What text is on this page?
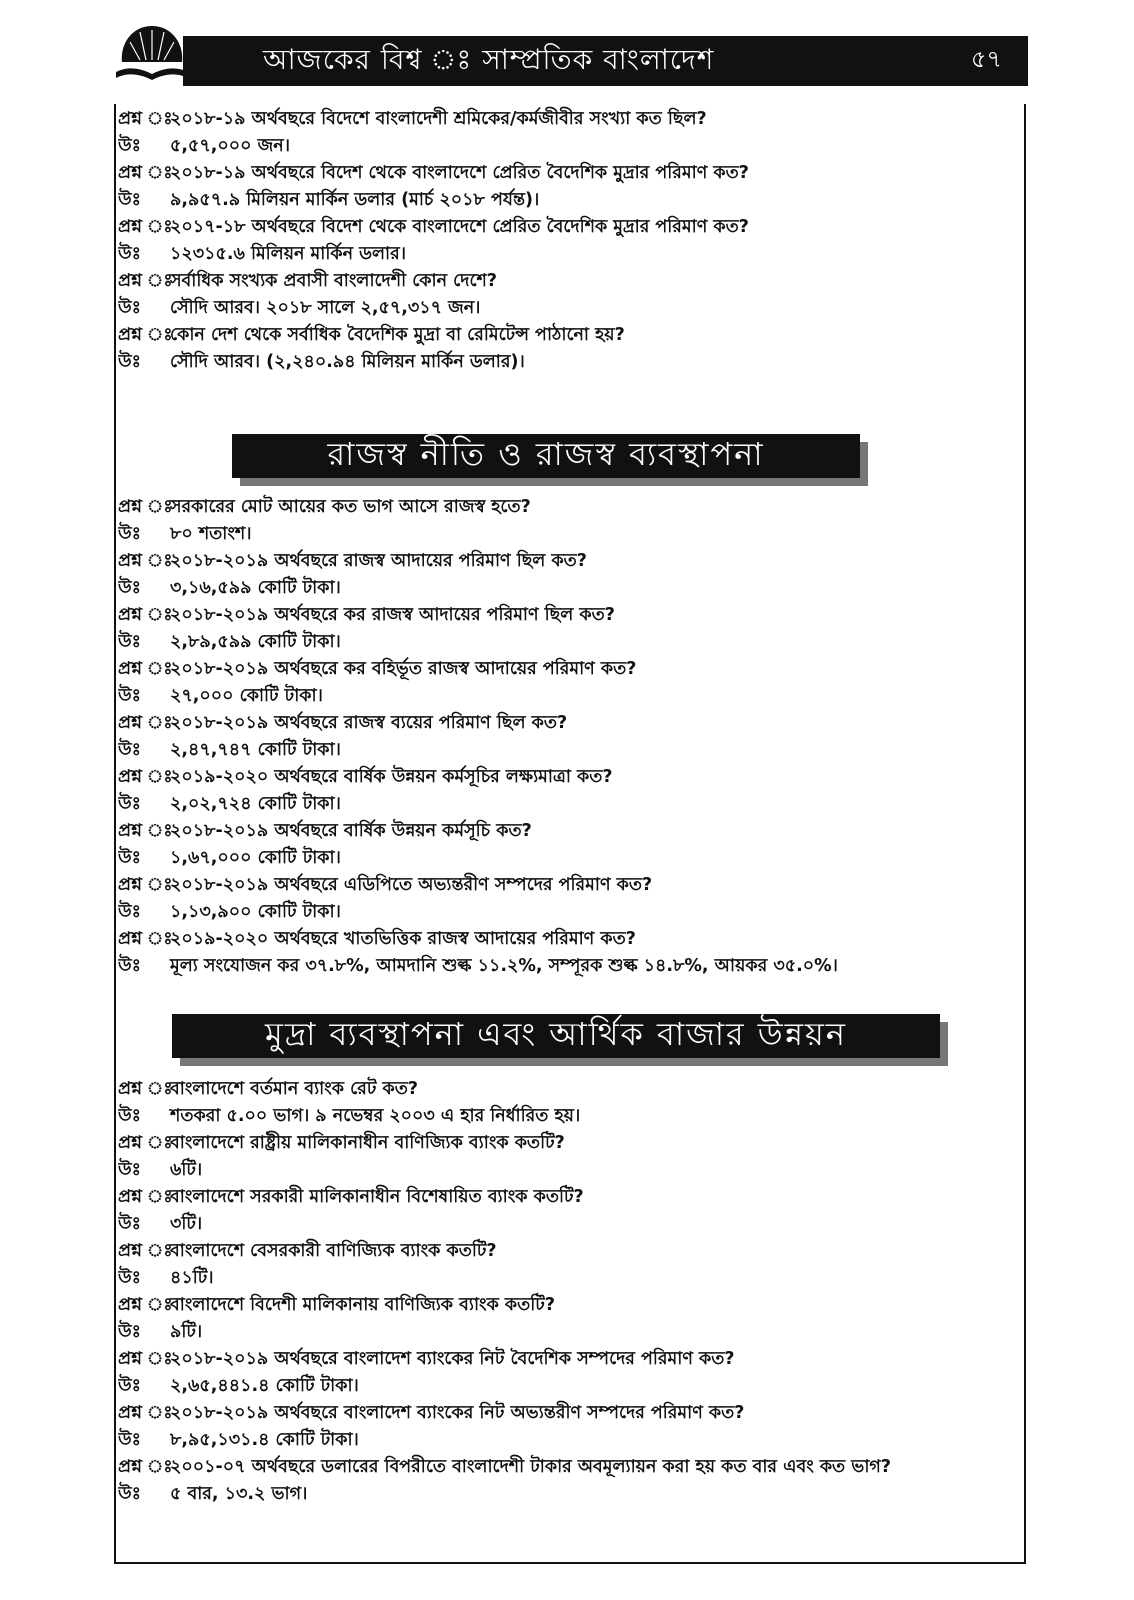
আজকের বিশ্ব ঃ সাম্প্রতিক বাংলাদেশ	৫৭
প্রশ্ন ঃ
২০১৮-১৯ অর্থবছরে বিদেশে বাংলাদেশী শ্রমিকের/কর্মজীবীর সংখ্যা কত ছিল?
উঃ	৫,৫৭,০০০ জন।
প্রশ্ন ঃ
২০১৮-১৯ অর্থবছরে বিদেশ থেকে বাংলাদেশে প্রেরিত বৈদেশিক মুদ্রার পরিমাণ কত?
উঃ	৯,৯৫৭.৯ মিলিয়ন মার্কিন ডলার (মার্চ ২০১৮ পর্যন্ত)।
প্রশ্ন ঃ
২০১৭-১৮ অর্থবছরে বিদেশ থেকে বাংলাদেশে প্রেরিত বৈদেশিক মুদ্রার পরিমাণ কত?
উঃ	১২৩১৫.৬ মিলিয়ন মার্কিন ডলার।
প্রশ্ন ঃ
সর্বাধিক সংখ্যক প্রবাসী বাংলাদেশী কোন দেশে?
উঃ	সৌদি আরব। ২০১৮ সালে ২,৫৭,৩১৭ জন।
প্রশ্ন ঃ
কোন দেশ থেকে সর্বাধিক বৈদেশিক মুদ্রা বা রেমিটেন্স পাঠানো হয়?
উঃ	সৌদি আরব। (২,২৪০.৯৪ মিলিয়ন মার্কিন ডলার)।
রাজস্ব নীতি ও রাজস্ব ব্যবস্থাপনা
প্রশ্ন ঃ
সরকারের মোট আয়ের কত ভাগ আসে রাজস্ব হতে?
উঃ	৮০ শতাংশ।
প্রশ্ন ঃ
২০১৮-২০১৯ অর্থবছরে রাজস্ব আদায়ের পরিমাণ ছিল কত?
উঃ	৩,১৬,৫৯৯ কোটি টাকা।
প্রশ্ন ঃ
২০১৮-২০১৯ অর্থবছরে কর রাজস্ব আদায়ের পরিমাণ ছিল কত?
উঃ	২,৮৯,৫৯৯ কোটি টাকা।
প্রশ্ন ঃ
২০১৮-২০১৯ অর্থবছরে কর বহির্ভূত রাজস্ব আদায়ের পরিমাণ কত?
উঃ	২৭,০০০ কোটি টাকা।
প্রশ্ন ঃ
২০১৮-২০১৯ অর্থবছরে রাজস্ব ব্যয়ের পরিমাণ ছিল কত?
উঃ	২,৪৭,৭৪৭ কোটি টাকা।
প্রশ্ন ঃ
২০১৯-২০২০ অর্থবছরে বার্ষিক উন্নয়ন কর্মসূচির লক্ষ্যমাত্রা কত?
উঃ	২,০২,৭২৪ কোটি টাকা।
প্রশ্ন ঃ
২০১৮-২০১৯ অর্থবছরে বার্ষিক উন্নয়ন কর্মসূচি কত?
উঃ	১,৬৭,০০০ কোটি টাকা।
প্রশ্ন ঃ
২০১৮-২০১৯ অর্থবছরে এডিপিতে অভ্যন্তরীণ সম্পদের পরিমাণ কত?
উঃ	১,১৩,৯০০ কোটি টাকা।
প্রশ্ন ঃ
২০১৯-২০২০ অর্থবছরে খাতভিত্তিক রাজস্ব আদায়ের পরিমাণ কত?
উঃ	মূল্য সংযোজন কর ৩৭.৮%, আমদানি শুল্ক ১১.২%, সম্পূরক শুল্ক ১৪.৮%, আয়কর ৩৫.০%।
মুদ্রা ব্যবস্থাপনা এবং আর্থিক বাজার উন্নয়ন
প্রশ্ন ঃ
বাংলাদেশে বর্তমান ব্যাংক রেট কত?
উঃ	শতকরা ৫.০০ ভাগ। ৯ নভেম্বর ২০০৩ এ হার নির্ধারিত হয়।
প্রশ্ন ঃ
বাংলাদেশে রাষ্ট্রীয় মালিকানাধীন বাণিজ্যিক ব্যাংক কতটি?
উঃ	৬টি।
প্রশ্ন ঃ
বাংলাদেশে সরকারী মালিকানাধীন বিশেষায়িত ব্যাংক কতটি?
উঃ	৩টি।
প্রশ্ন ঃ
বাংলাদেশে বেসরকারী বাণিজ্যিক ব্যাংক কতটি?
উঃ	৪১টি।
প্রশ্ন ঃ
বাংলাদেশে বিদেশী মালিকানায় বাণিজ্যিক ব্যাংক কতটি?
উঃ	৯টি।
প্রশ্ন ঃ
২০১৮-২০১৯ অর্থবছরে বাংলাদেশ ব্যাংকের নিট বৈদেশিক সম্পদের পরিমাণ কত?
উঃ	২,৬৫,৪৪১.৪ কোটি টাকা।
প্রশ্ন ঃ
২০১৮-২০১৯ অর্থবছরে বাংলাদেশ ব্যাংকের নিট অভ্যন্তরীণ সম্পদের পরিমাণ কত?
উঃ	৮,৯৫,১৩১.৪ কোটি টাকা।
প্রশ্ন ঃ
২০০১-০৭ অর্থবছরে ডলারের বিপরীতে বাংলাদেশী টাকার অবমূল্যায়ন করা হয় কত বার এবং কত ভাগ?
উঃ	৫ বার, ১৩.২ ভাগ।
